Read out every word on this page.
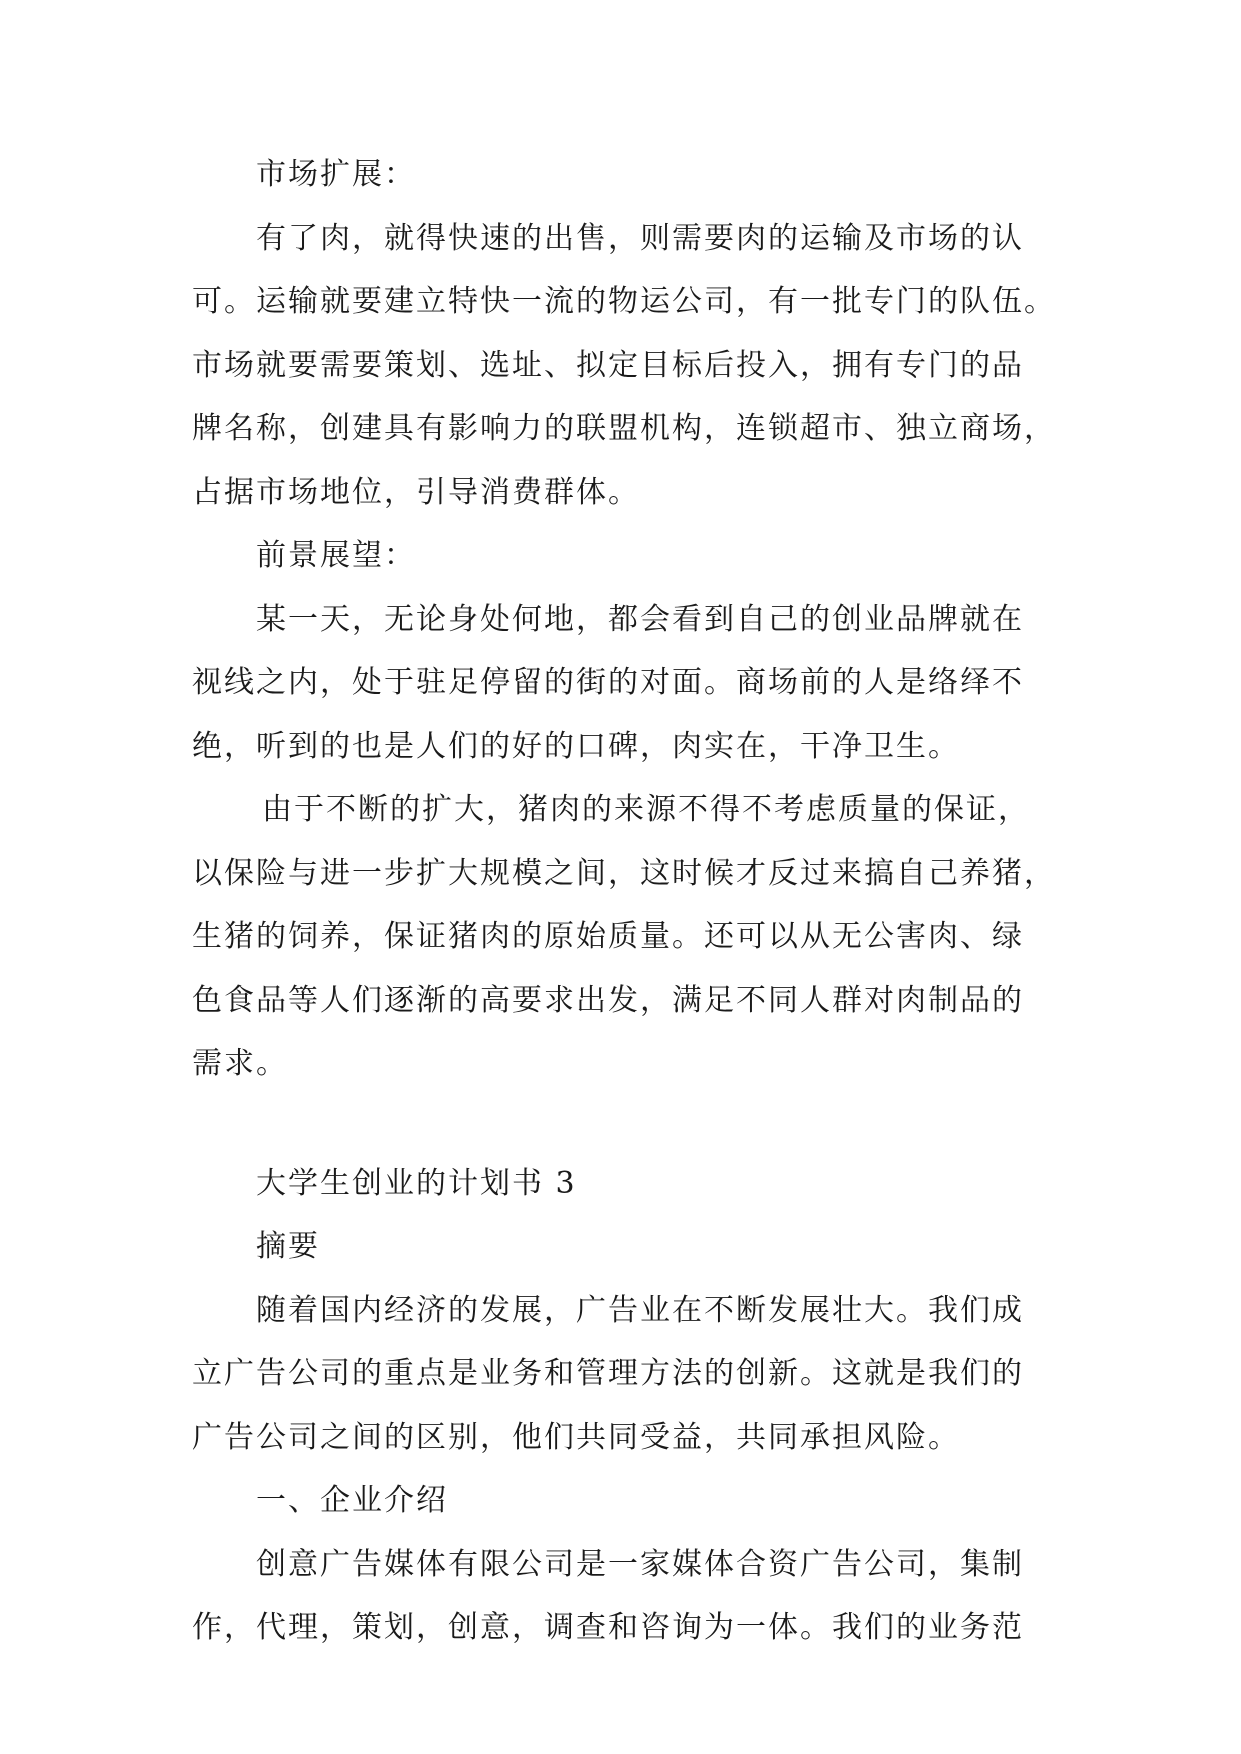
市场扩展：
有了肉，就得快速的出售，则需要肉的运输及市场的认
可。运输就要建立特快一流的物运公司，有一批专门的队伍。
市场就要需要策划、选址、拟定目标后投入，拥有专门的品
牌名称，创建具有影响力的联盟机构，连锁超市、独立商场，
占据市场地位，引导消费群体。
前景展望：
某一天，无论身处何地，都会看到自己的创业品牌就在
视线之内，处于驻足停留的街的对面。商场前的人是络绎不
绝，听到的也是人们的好的口碑，肉实在，干净卫生。
由于不断的扩大，猪肉的来源不得不考虑质量的保证，
以保险与进一步扩大规模之间，这时候才反过来搞自己养猪，
生猪的饲养，保证猪肉的原始质量。还可以从无公害肉、绿
色食品等人们逐渐的高要求出发，满足不同人群对肉制品的
需求。
大学生创业的计划书 3
摘要
随着国内经济的发展，广告业在不断发展壮大。我们成
立广告公司的重点是业务和管理方法的创新。这就是我们的
广告公司之间的区别，他们共同受益，共同承担风险。
一、企业介绍
创意广告媒体有限公司是一家媒体合资广告公司，集制
作，代理，策划，创意，调查和咨询为一体。我们的业务范
